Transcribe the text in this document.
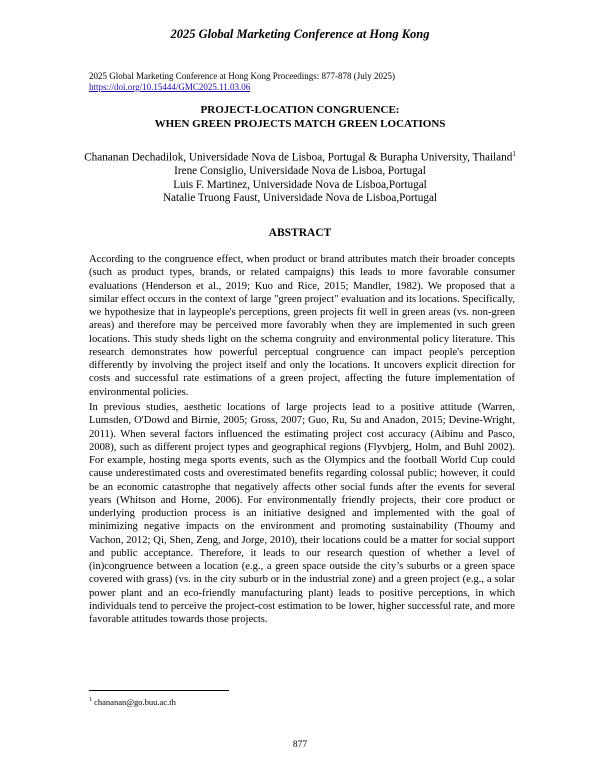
2025 Global Marketing Conference at Hong Kong
2025 Global Marketing Conference at Hong Kong Proceedings: 877-878 (July 2025)
https://doi.org/10.15444/GMC2025.11.03.06
PROJECT-LOCATION CONGRUENCE:
WHEN GREEN PROJECTS MATCH GREEN LOCATIONS
Chananan Dechadilok, Universidade Nova de Lisboa, Portugal & Burapha University, Thailand$^1$
Irene Consiglio, Universidade Nova de Lisboa, Portugal
Luis F. Martinez, Universidade Nova de Lisboa,Portugal
Natalie Truong Faust, Universidade Nova de Lisboa,Portugal
ABSTRACT

According to the congruence effect, when product or brand attributes match their broader concepts (such as product types, brands, or related campaigns) this leads to more favorable consumer evaluations (Henderson et al., 2019; Kuo and Rice, 2015; Mandler, 1982). We proposed that a similar effect occurs in the context of large "green project" evaluation and its locations. Specifically, we hypothesize that in laypeople's perceptions, green projects fit well in green areas (vs. non-green areas) and therefore may be perceived more favorably when they are implemented in such green locations. This study sheds light on the schema congruity and environmental policy literature. This research demonstrates how powerful perceptual congruence can impact people's perception differently by involving the project itself and only the locations. It uncovers explicit direction for costs and successful rate estimations of a green project, affecting the future implementation of environmental policies.

In previous studies, aesthetic locations of large projects lead to a positive attitude (Warren, Lumsden, O'Dowd and Birnie, 2005; Gross, 2007; Guo, Ru, Su and Anadon, 2015; Devine-Wright, 2011). When several factors influenced the estimating project cost accuracy (Aibinu and Pasco, 2008), such as different project types and geographical regions (Flyvbjerg, Holm, and Buhl 2002). For example, hosting mega sports events, such as the Olympics and the football World Cup could cause underestimated costs and overestimated benefits regarding colossal public; however, it could be an economic catastrophe that negatively affects other social funds after the events for several years (Whitson and Horne, 2006). For environmentally friendly projects, their core product or underlying production process is an initiative designed and implemented with the goal of minimizing negative impacts on the environment and promoting sustainability (Thoumy and Vachon, 2012; Qi, Shen, Zeng, and Jorge, 2010), their locations could be a matter for social support and public acceptance. Therefore, it leads to our research question of whether a level of (in)congruence between a location (e.g., a green space outside the city’s suburbs or a green space covered with grass) (vs. in the city suburb or in the industrial zone) and a green project (e.g., a solar power plant and an eco-friendly manufacturing plant) leads to positive perceptions, in which individuals tend to perceive the project-cost estimation to be lower, higher successful rate, and more favorable attitudes towards those projects.

$^1$ chananan@go.buu.ac.th
877
